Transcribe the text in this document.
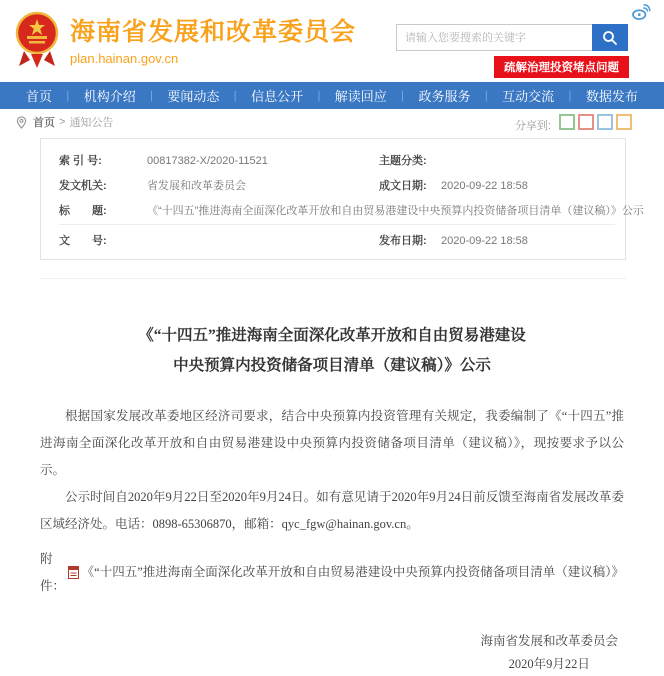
海南省发展和改革委员会
plan.hainan.gov.cn
请输入您要搜索的关键字
疏解治理投资堵点问题
首页 | 机构介绍 | 要闻动态 | 信息公开 | 解读回应 | 政务服务 | 互动交流 | 数据发布
首页 > 通知公告	分享到:
索 引 号:	00817382-X/2020-11521	主题分类:
发文机关:	省发展和改革委员会	成文日期:	2020-09-22 18:58
标　　题:	《“十四五”推进海南全面深化改革开放和自由贸易港建设中央预算内投资储备项目清单（建议稿）》公示
文　　号:	发布日期:	2020-09-22 18:58
《“十四五”推进海南全面深化改革开放和自由贸易港建设
中央预算内投资储备项目清单（建议稿）》公示

根据国家发展改革委地区经济司要求，结合中央预算内投资管理有关规定，我委编制了《“十四五”推进海南全面深化改革开放和自由贸易港建设中央预算内投资储备项目清单（建议稿）》，现按要求予以公示。

公示时间自2020年9月22日至2020年9月24日。如有意见请于2020年9月24日前反馈至海南省发展改革委区域经济处。电话：0898-65306870，邮箱：qyc_fgw@hainan.gov.cn。

附件：
《“十四五”推进海南全面深化改革开放和自由贸易港建设中央预算内投资储备项目清单（建议稿）》
海南省发展和改革委员会
2020年9月22日
